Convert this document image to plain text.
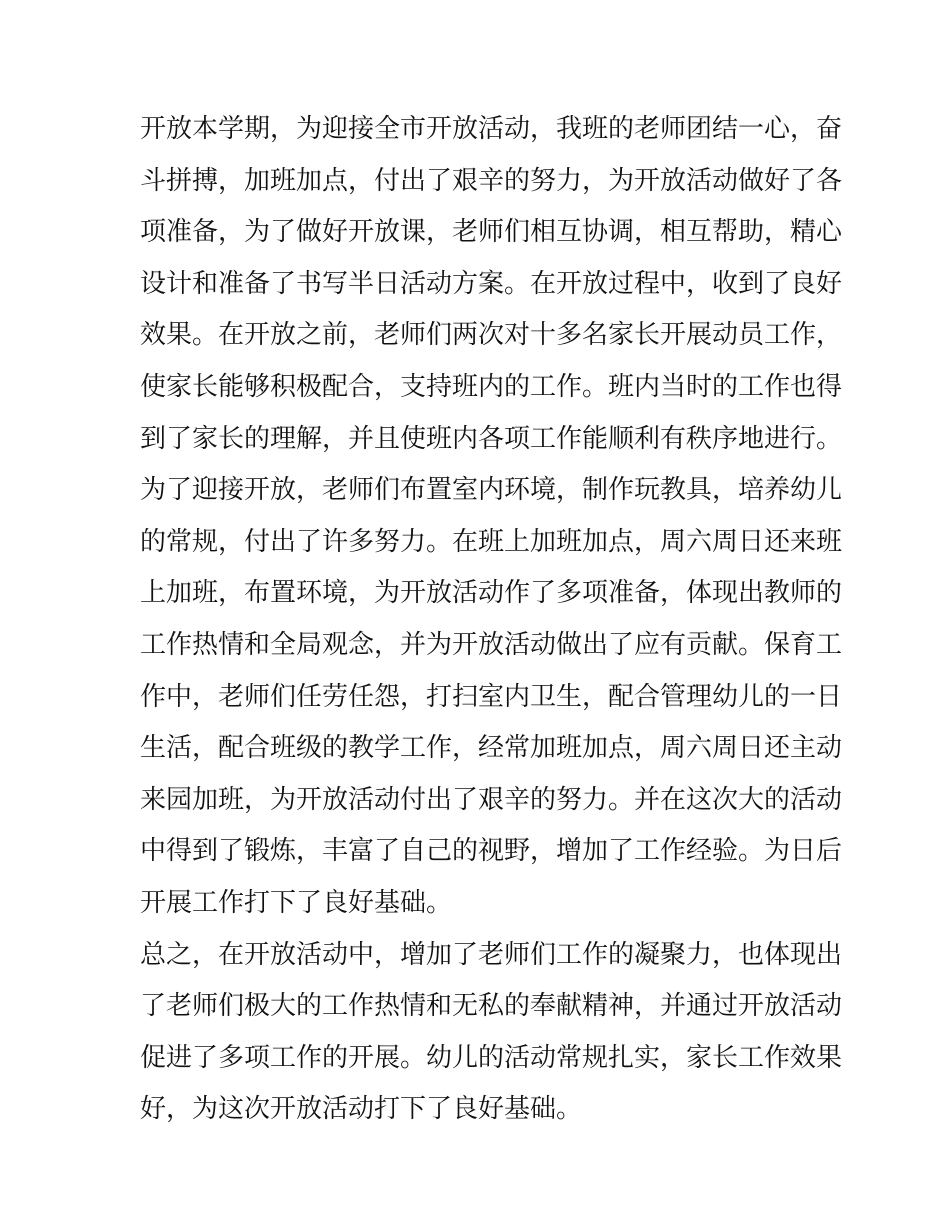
开放本学期，为迎接全市开放活动，我班的老师团结一心，奋
斗拼搏，加班加点，付出了艰辛的努力，为开放活动做好了各
项准备，为了做好开放课，老师们相互协调，相互帮助，精心
设计和准备了书写半日活动方案。在开放过程中，收到了良好
效果。在开放之前，老师们两次对十多名家长开展动员工作，
使家长能够积极配合，支持班内的工作。班内当时的工作也得
到了家长的理解，并且使班内各项工作能顺利有秩序地进行。
为了迎接开放，老师们布置室内环境，制作玩教具，培养幼儿
的常规，付出了许多努力。在班上加班加点，周六周日还来班
上加班，布置环境，为开放活动作了多项准备，体现出教师的
工作热情和全局观念，并为开放活动做出了应有贡献。保育工
作中，老师们任劳任怨，打扫室内卫生，配合管理幼儿的一日
生活，配合班级的教学工作，经常加班加点，周六周日还主动
来园加班，为开放活动付出了艰辛的努力。并在这次大的活动
中得到了锻炼，丰富了自己的视野，增加了工作经验。为日后
开展工作打下了良好基础。
总之，在开放活动中，增加了老师们工作的凝聚力，也体现出
了老师们极大的工作热情和无私的奉献精神，并通过开放活动
促进了多项工作的开展。幼儿的活动常规扎实，家长工作效果
好，为这次开放活动打下了良好基础。
